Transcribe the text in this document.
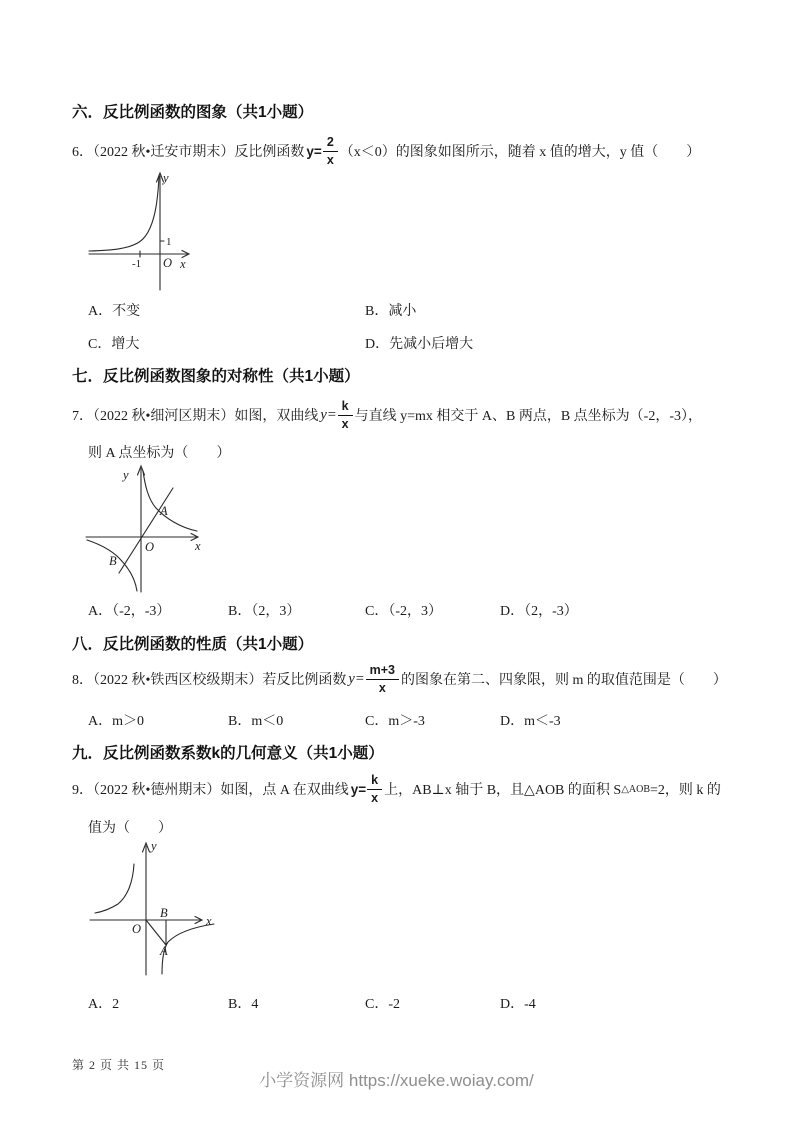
六．反比例函数的图象（共1小题）
6．（2022 秋•迁安市期末）反比例函数 $y= \frac{2}{x} (x<0)$的图象如图所示，随着 x 值的增大，y 值（　　）
1
-1 O x
y
A．不变	B．减小
C．增大	D．先减小后增大
七．反比例函数图象的对称性（共1小题）
7．（2022 秋•细河区期末）如图，双曲线 $y= \frac{k}{x}$ 与直线 y=mx 相交于 A、B 两点，B 点坐标为（-2，-3），
则 A 点坐标为（　　）
y
x
O
A
B
A．（-2，-3）	B．（2，3）	C．（-2，3）	D．（2，-3）
八．反比例函数的性质（共1小题）
8．（2022 秋•铁西区校级期末）若反比例函数 $y= \frac{m+3}{x}$ 的图象在第二、四象限，则 m 的取值范围是（　　）
A．m＞0	B．m＜0	C．m＞-3	D．m＜-3
九．反比例函数系数k的几何意义（共1小题）
9．（2022 秋•德州期末）如图，点 A 在双曲线 $y= \frac{k}{x}$ 上，AB⊥x 轴于 B，且△AOB 的面积 S △AOB =2，则 k 的
值为（　　）
y
x
O
B
A
A．2	B．4	C．-2	D．-4
第 2 页 共 15 页
小学资源网 https://xueke.woiay.com/
